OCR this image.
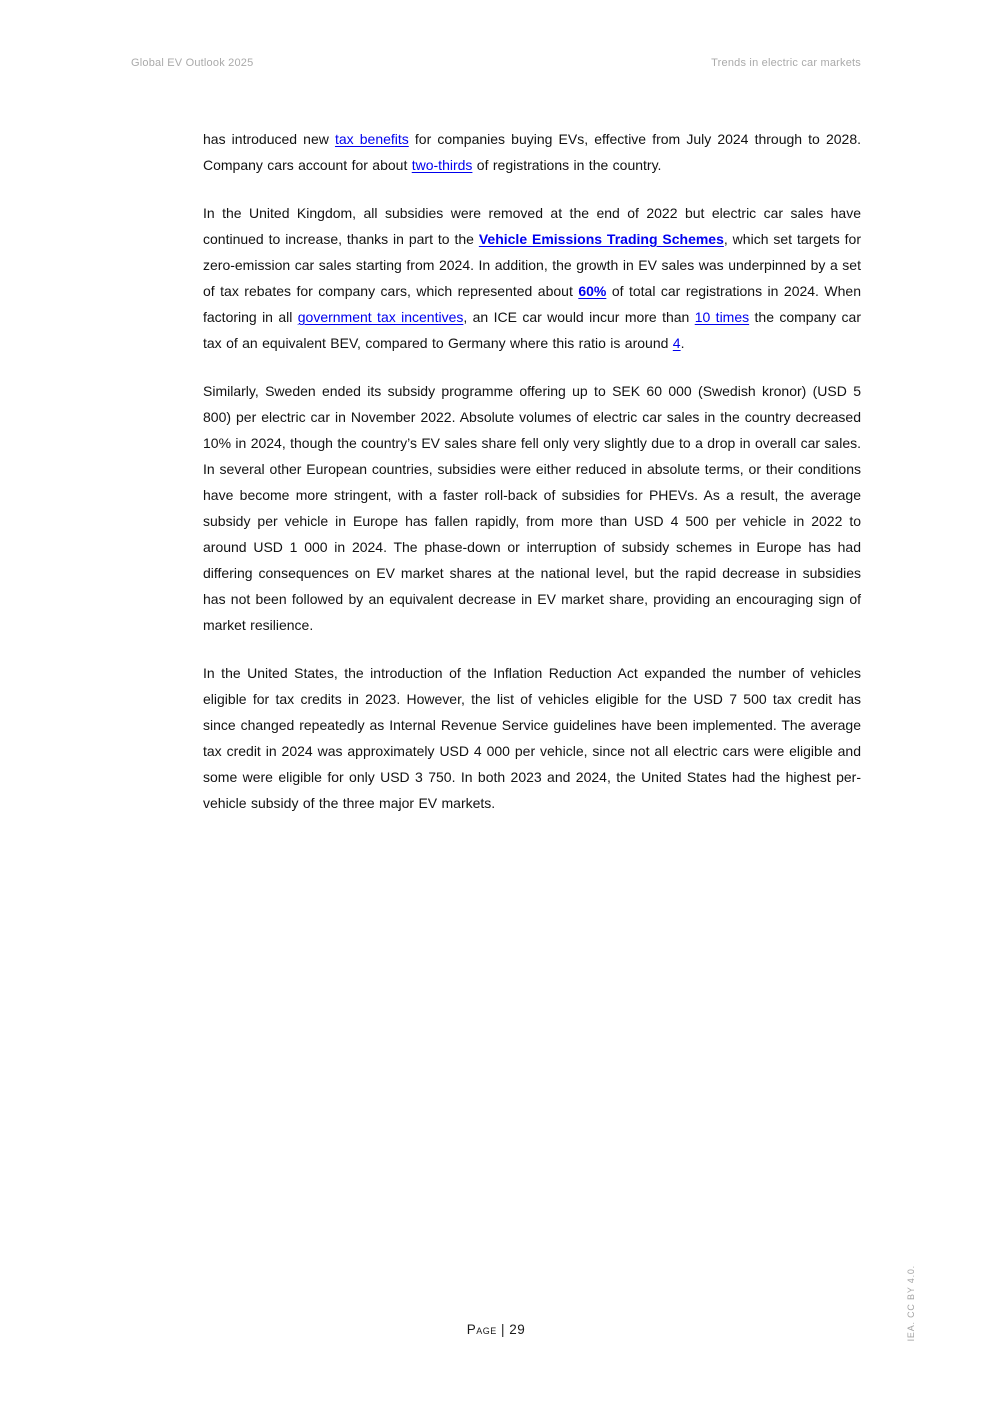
Global EV Outlook 2025	Trends in electric car markets

has introduced new tax benefits for companies buying EVs, effective from July 2024 through to 2028. Company cars account for about two-thirds of registrations in the country.

In the United Kingdom, all subsidies were removed at the end of 2022 but electric car sales have continued to increase, thanks in part to the Vehicle Emissions Trading Schemes, which set targets for zero-emission car sales starting from 2024. In addition, the growth in EV sales was underpinned by a set of tax rebates for company cars, which represented about 60% of total car registrations in 2024. When factoring in all government tax incentives, an ICE car would incur more than 10 times the company car tax of an equivalent BEV, compared to Germany where this ratio is around 4.

Similarly, Sweden ended its subsidy programme offering up to SEK 60 000 (Swedish kronor) (USD 5 800) per electric car in November 2022. Absolute volumes of electric car sales in the country decreased 10% in 2024, though the country’s EV sales share fell only very slightly due to a drop in overall car sales. In several other European countries, subsidies were either reduced in absolute terms, or their conditions have become more stringent, with a faster roll-back of subsidies for PHEVs. As a result, the average subsidy per vehicle in Europe has fallen rapidly, from more than USD 4 500 per vehicle in 2022 to around USD 1 000 in 2024. The phase-down or interruption of subsidy schemes in Europe has had differing consequences on EV market shares at the national level, but the rapid decrease in subsidies has not been followed by an equivalent decrease in EV market share, providing an encouraging sign of market resilience.

In the United States, the introduction of the Inflation Reduction Act expanded the number of vehicles eligible for tax credits in 2023. However, the list of vehicles eligible for the USD 7 500 tax credit has since changed repeatedly as Internal Revenue Service guidelines have been implemented. The average tax credit in 2024 was approximately USD 4 000 per vehicle, since not all electric cars were eligible and some were eligible for only USD 3 750. In both 2023 and 2024, the United States had the highest per-vehicle subsidy of the three major EV markets.

Page | 29	IEA. CC BY 4.0.
